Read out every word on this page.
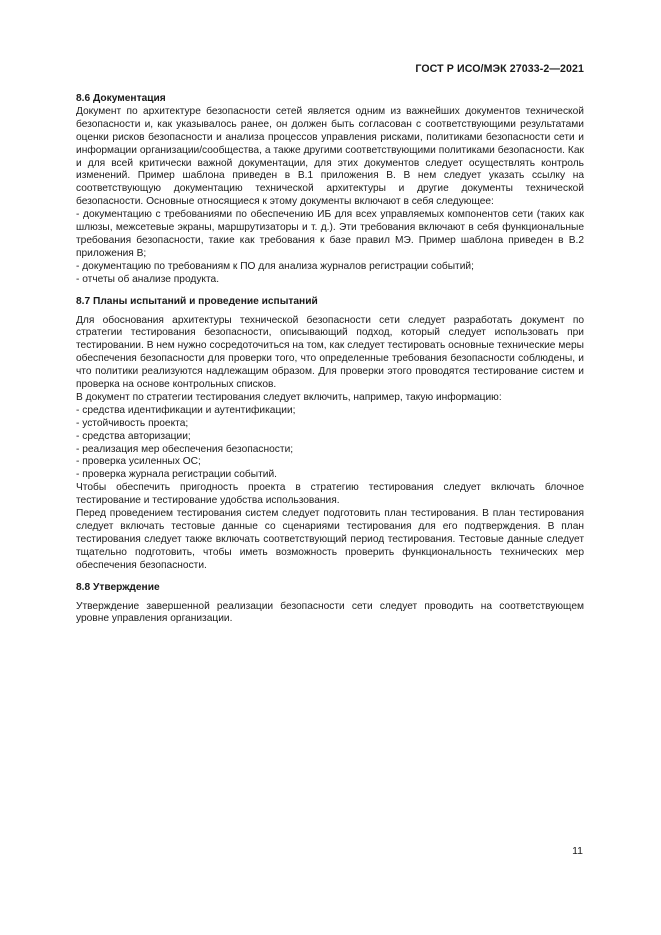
ГОСТ Р ИСО/МЭК 27033-2—2021
8.6 Документация

Документ по архитектуре безопасности сетей является одним из важнейших документов технической безопасности и, как указывалось ранее, он должен быть согласован с соответствующими результатами оценки рисков безопасности и анализа процессов управления рисками, политиками безопасности сети и информации организации/сообщества, а также другими соответствующими политиками безопасности. Как и для всей критически важной документации, для этих документов следует осуществлять контроль изменений. Пример шаблона приведен в В.1 приложения В. В нем следует указать ссылку на соответствующую документацию технической архитектуры и другие документы технической безопасности. Основные относящиеся к этому документы включают в себя следующее:

- документацию с требованиями по обеспечению ИБ для всех управляемых компонентов сети (таких как шлюзы, межсетевые экраны, маршрутизаторы и т. д.). Эти требования включают в себя функциональные требования безопасности, такие как требования к базе правил МЭ. Пример шаблона приведен в В.2 приложения В;
- документацию по требованиям к ПО для анализа журналов регистрации событий;
- отчеты об анализе продукта.
8.7 Планы испытаний и проведение испытаний

Для обоснования архитектуры технической безопасности сети следует разработать документ по стратегии тестирования безопасности, описывающий подход, который следует использовать при тестировании. В нем нужно сосредоточиться на том, как следует тестировать основные технические меры обеспечения безопасности для проверки того, что определенные требования безопасности соблюдены, и что политики реализуются надлежащим образом. Для проверки этого проводятся тестирование систем и проверка на основе контрольных списков.

В документ по стратегии тестирования следует включить, например, такую информацию:

- средства идентификации и аутентификации;
- устойчивость проекта;
- средства авторизации;
- реализация мер обеспечения безопасности;
- проверка усиленных ОС;
- проверка журнала регистрации событий.

Чтобы обеспечить пригодность проекта в стратегию тестирования следует включать блочное тестирование и тестирование удобства использования.

Перед проведением тестирования систем следует подготовить план тестирования. В план тестирования следует включать тестовые данные со сценариями тестирования для его подтверждения. В план тестирования следует также включать соответствующий период тестирования. Тестовые данные следует тщательно подготовить, чтобы иметь возможность проверить функциональность технических мер обеспечения безопасности.

8.8 Утверждение

Утверждение завершенной реализации безопасности сети следует проводить на соответствующем уровне управления организации.

11
